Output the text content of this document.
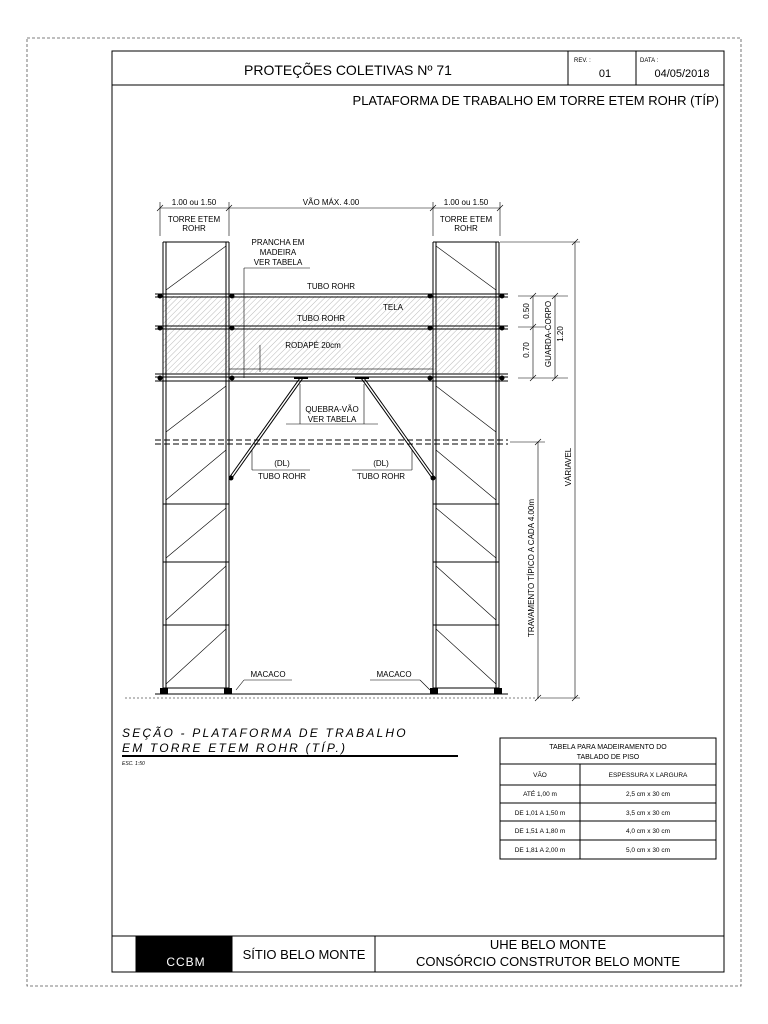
PROTEÇÕES COLETIVAS Nº 71
REV. :
01
DATA :
04/05/2018
PLATAFORMA DE TRABALHO EM TORRE ETEM ROHR (TÍP)
1.00 ou 1.50	VÃO MÁX. 4.00	1.00 ou 1.50
TORRE ETEM
ROHR
TORRE ETEM
ROHR
PRANCHA EM
MADEIRA
VER TABELA
TUBO ROHR
TELA
TUBO ROHR
RODAPÉ 20cm
QUEBRA-VÃO
VER TABELA
(DL)
TUBO ROHR
(DL)
TUBO ROHR
0.50
0.70 GUARDA-CORPO 1.20
VÁRIAVEL
TRAVAMENTO TÍPICO A CADA 4.00m
MACACO	MACACO
SEÇÃO - PLATAFORMA DE TRABALHO
EM TORRE ETEM ROHR (TÍP.)
ESC. 1:50
TABELA PARA MADEIRAMENTO DO
TABLADO DE PISO
VÃO	ESPESSURA X LARGURA
ATÉ 1,00 m	2,5 cm x 30 cm
DE 1,01 A 1,50 m	3,5 cm x 30 cm
DE 1,51 A 1,80 m	4,0 cm x 30 cm
DE 1,81 A 2,00 m	5,0 cm x 30 cm
CCBM	SÍTIO BELO MONTE
UHE BELO MONTE
CONSÓRCIO CONSTRUTOR BELO MONTE
